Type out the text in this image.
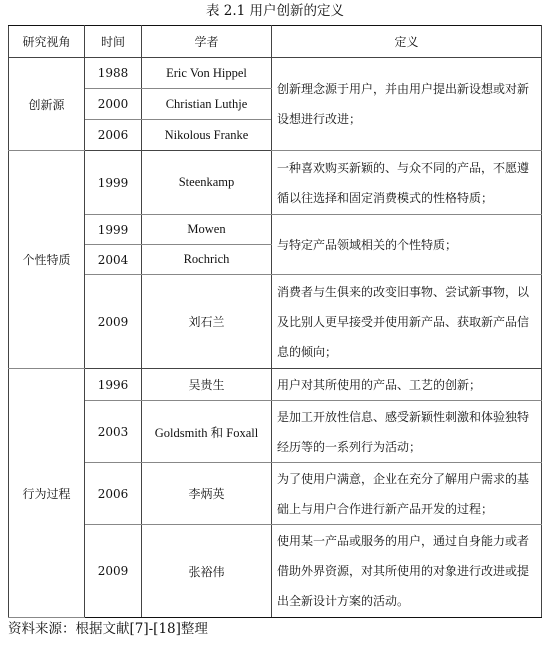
表 2.1 用户创新的定义
研究视角	时间	学者	定义
创新源	1988	Eric Von Hippel	创新理念源于用户，并由用户提出新设想或对新设想进行改进；
	2000	Christian Luthje	
	2006	Nikolous Franke	
个性特质	1999	Steenkamp	一种喜欢购买新颖的、与众不同的产品，不愿遵循以往选择和固定消费模式的性格特质；
	1999	Mowen	与特定产品领域相关的个性特质；
	2004	Rochrich	
	2009	刘石兰	消费者与生俱来的改变旧事物、尝试新事物，以及比别人更早接受并使用新产品、获取新产品信息的倾向；
行为过程	1996	吴贵生	用户对其所使用的产品、工艺的创新；
	2003	Goldsmith 和 Foxall	是加工开放性信息、感受新颖性刺激和体验独特经历等的一系列行为活动；
	2006	李炳英	为了使用户满意，企业在充分了解用户需求的基础上与用户合作进行新产品开发的过程；
	2009	张裕伟	使用某一产品或服务的用户，通过自身能力或者借助外界资源，对其所使用的对象进行改进或提出全新设计方案的活动。
资料来源：根据文献[7]-[18]整理
